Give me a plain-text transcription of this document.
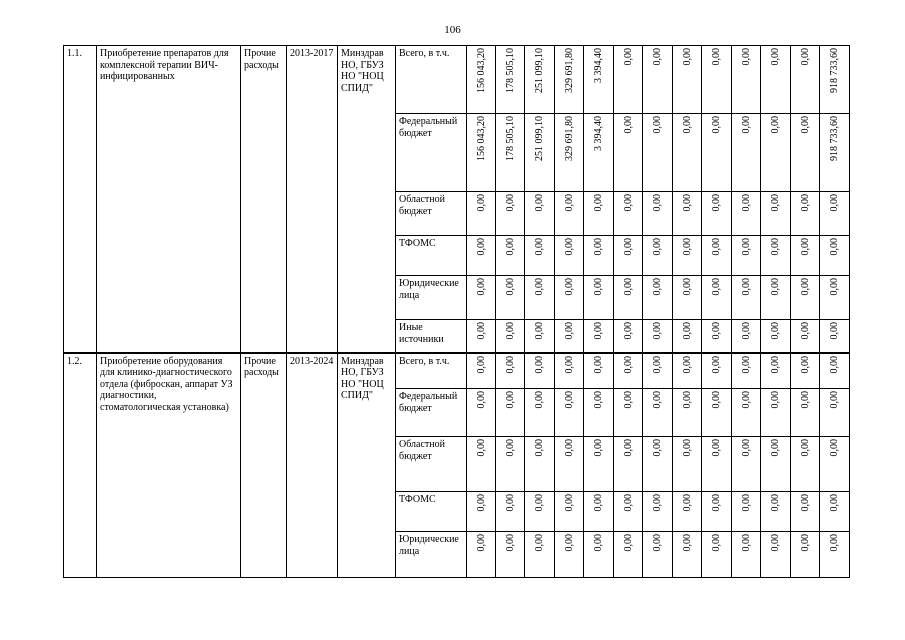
106
1.1.	Приобретение препаратов для комплексной терапии ВИЧ-инфицированных	Прочие расходы	2013-2017	Минздрав НО, ГБУЗ НО "НОЦ СПИД"	Всего, в т.ч.	156 043,20	178 505,10	251 099,10	329 691,80	3 394,40	0,00	0,00	0,00	0,00	0,00	0,00	0,00	918 733,60
					Федеральный бюджет	156 043,20	178 505,10	251 099,10	329 691,80	3 394,40	0,00	0,00	0,00	0,00	0,00	0,00	0,00	918 733,60
					Областной бюджет	0,00	0,00	0,00	0,00	0,00	0,00	0,00	0,00	0,00	0,00	0,00	0,00	0,00
					ТФОМС	0,00	0,00	0,00	0,00	0,00	0,00	0,00	0,00	0,00	0,00	0,00	0,00	0,00
					Юридические лица	0,00	0,00	0,00	0,00	0,00	0,00	0,00	0,00	0,00	0,00	0,00	0,00	0,00
					Иные источники	0,00	0,00	0,00	0,00	0,00	0,00	0,00	0,00	0,00	0,00	0,00	0,00	0,00
1.2.	Приобретение оборудования для клинико-диагностического отдела (фиброскан, аппарат УЗ диагностики, стоматологическая установка)	Прочие расходы	2013-2024	Минздрав НО, ГБУЗ НО "НОЦ СПИД"	Всего, в т.ч.	0,00	0,00	0,00	0,00	0,00	0,00	0,00	0,00	0,00	0,00	0,00	0,00	0,00
					Федеральный бюджет	0,00	0,00	0,00	0,00	0,00	0,00	0,00	0,00	0,00	0,00	0,00	0,00	0,00
					Областной бюджет	0,00	0,00	0,00	0,00	0,00	0,00	0,00	0,00	0,00	0,00	0,00	0,00	0,00
					ТФОМС	0,00	0,00	0,00	0,00	0,00	0,00	0,00	0,00	0,00	0,00	0,00	0,00	0,00
					Юридические лица	0,00	0,00	0,00	0,00	0,00	0,00	0,00	0,00	0,00	0,00	0,00	0,00	0,00
